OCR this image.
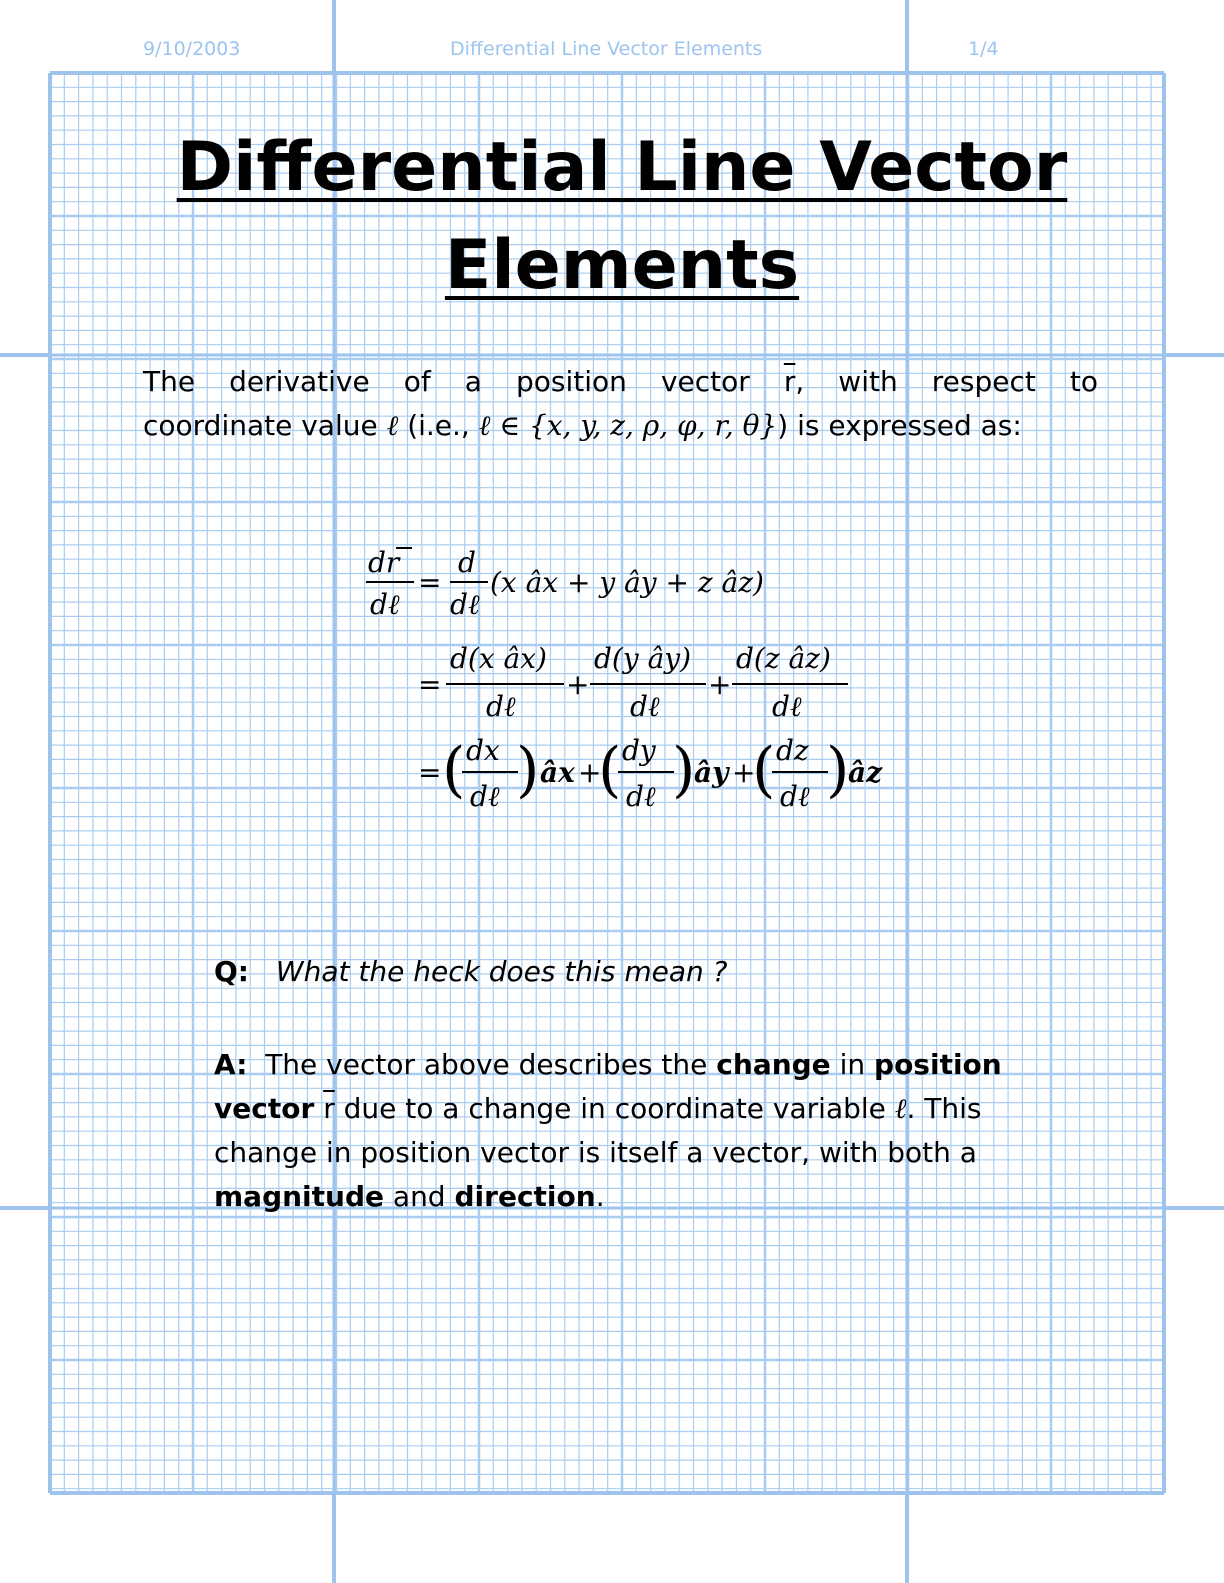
9/10/2003	Differential Line Vector Elements	1/4
Differential Line Vector
Elements
The derivative of a position vector $\overline{r}$, with respect to
coordinate value ℓ (i.e., ℓ ∈ {x, y, z, ρ, φ, r, θ}) is expressed as:
dr
dℓ
=
d
dℓ
(x âx + y ây + z âz)
=
d(x âx)
dℓ
+
d(y ây)
dℓ
+
d(z âz)
dℓ
= ( dx
dℓ ) âx +
( dy
dℓ )
ây +
( dz
dℓ )
âz
Q: What the heck does this mean ?
A: The vector above describes the change in position vector $\overline{r}$ due to a change in coordinate variable ℓ. This change in position vector is itself a vector, with both a magnitude and direction.
